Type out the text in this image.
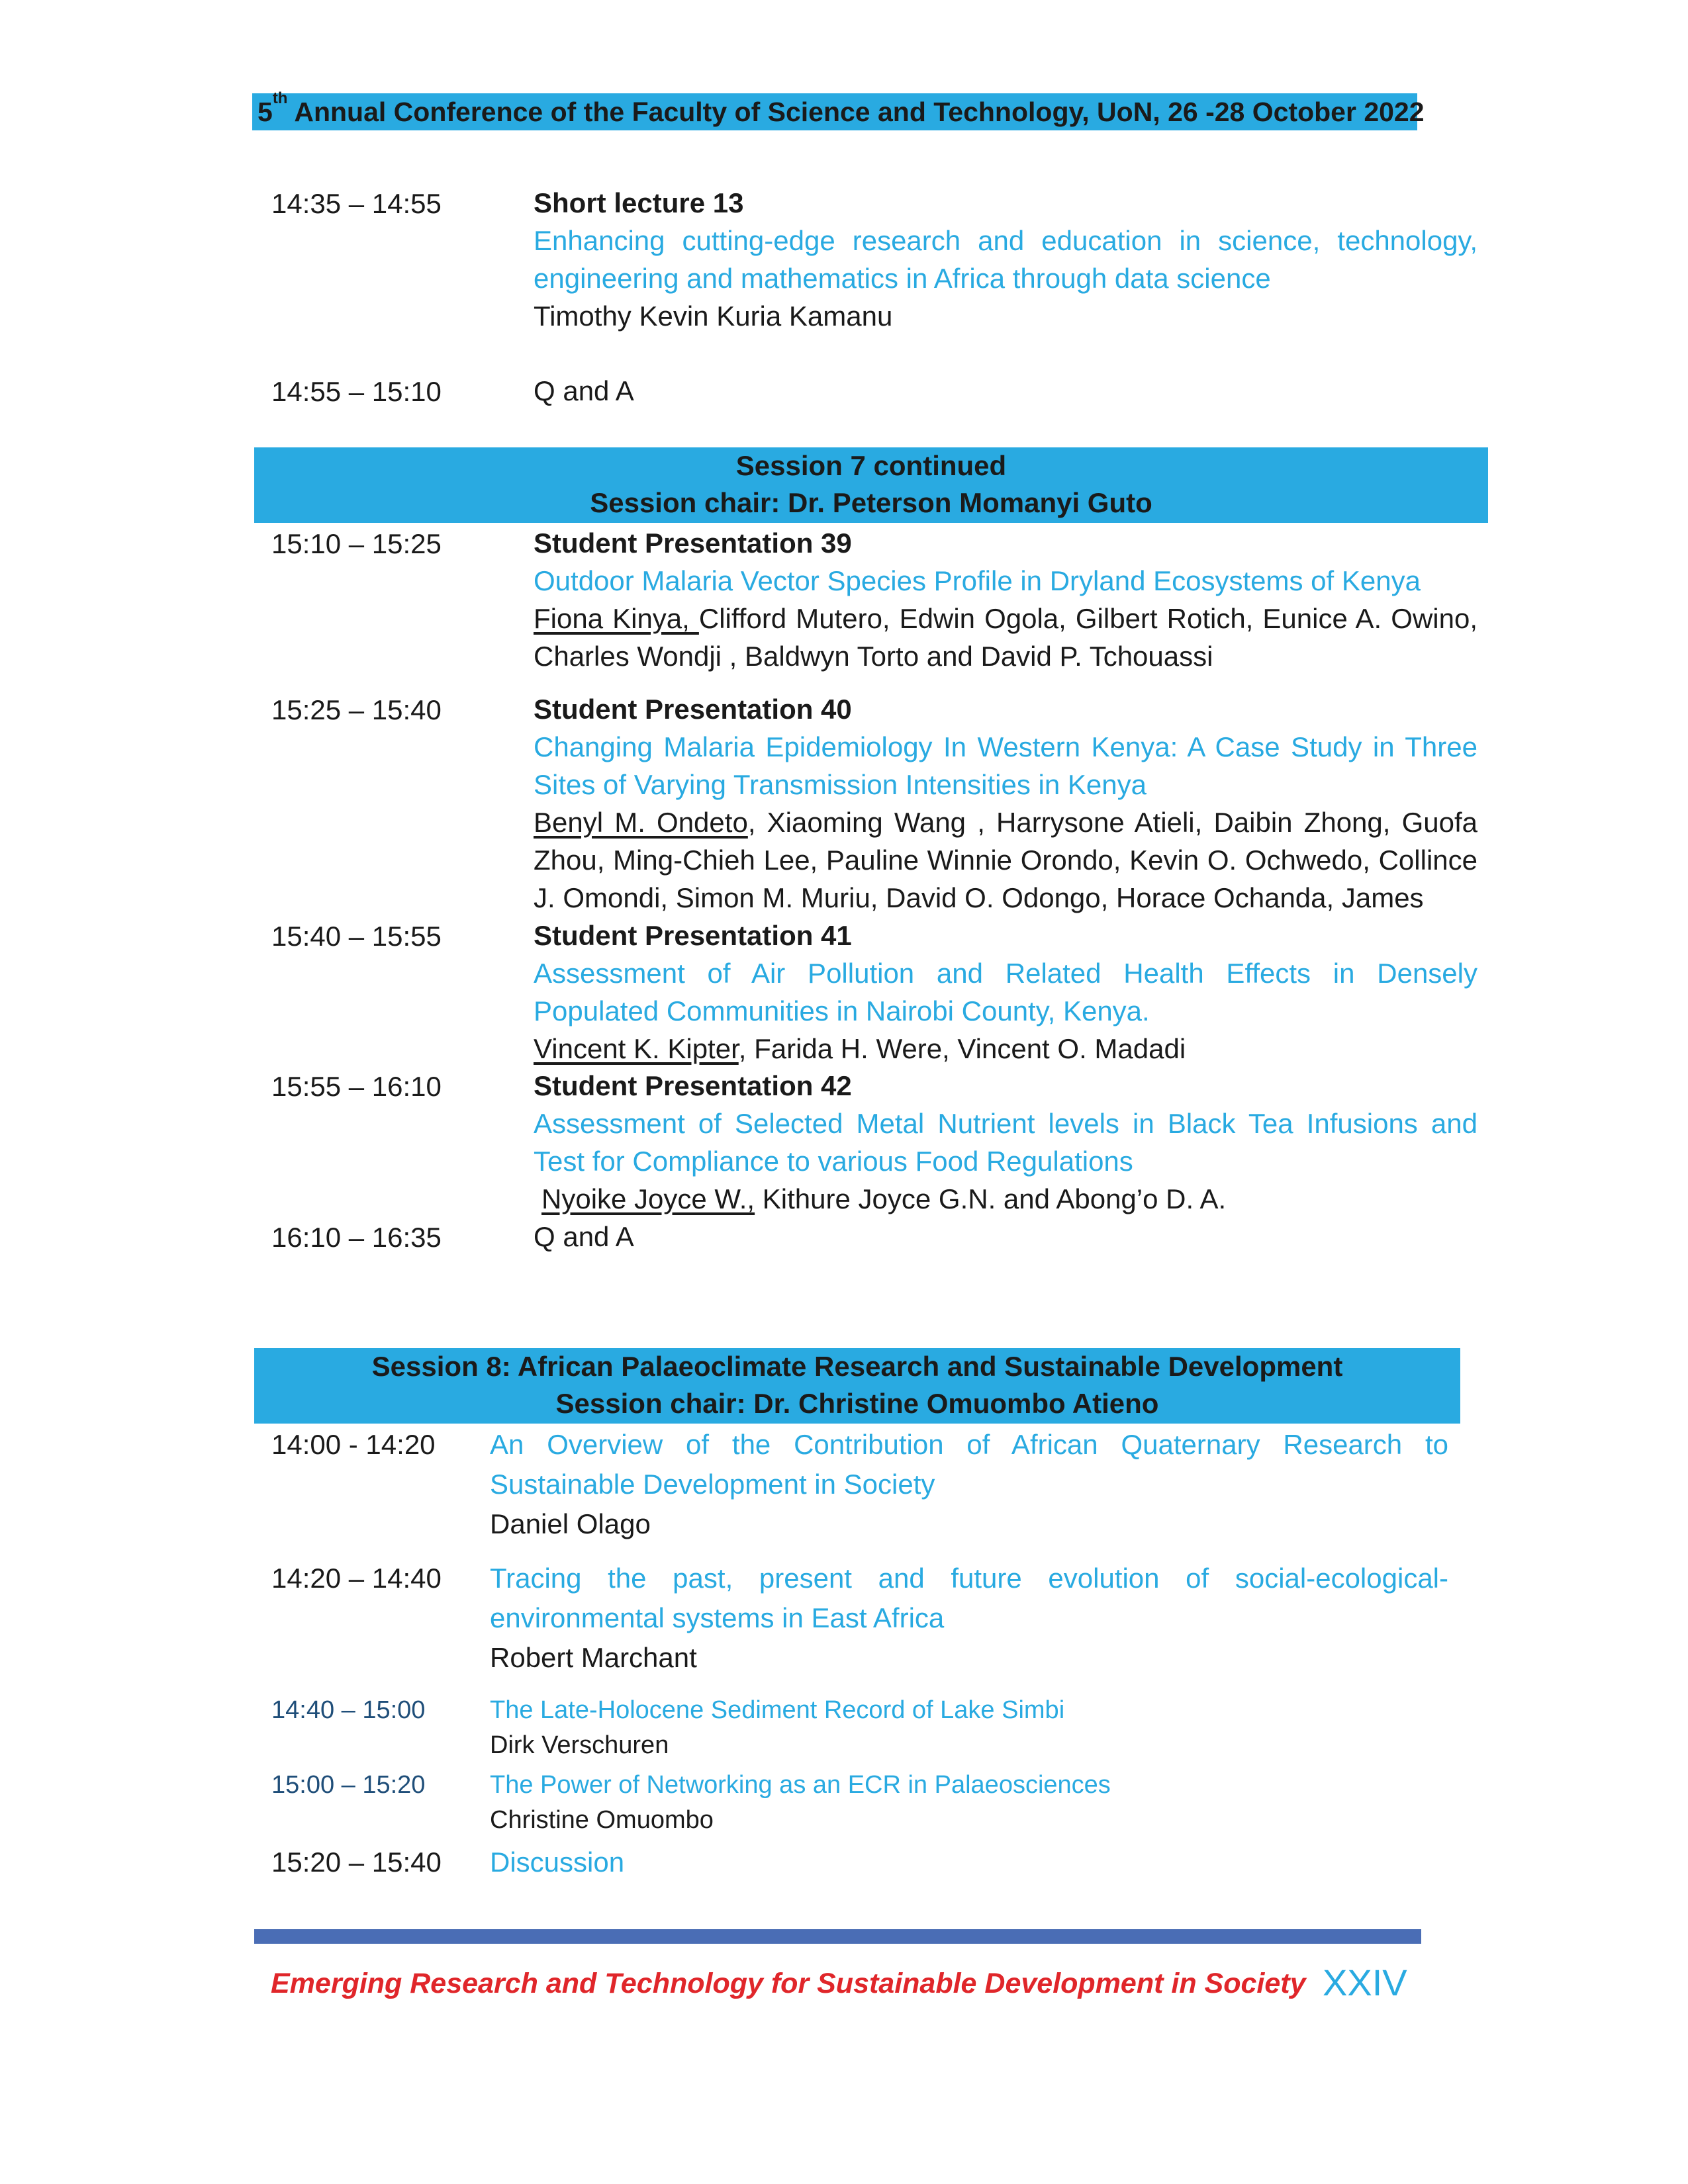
5th Annual Conference of the Faculty of Science and Technology, UoN, 26 -28 October 2022
14:35 – 14:55	Short lecture 13
Enhancing cutting-edge research and education in science, technology, engineering and mathematics in Africa through data science
Timothy Kevin Kuria Kamanu
14:55 – 15:10	Q and A
Session 7 continued
Session chair: Dr. Peterson Momanyi Guto
15:10 – 15:25	Student Presentation 39
Outdoor Malaria Vector Species Profile in Dryland Ecosystems of Kenya
Fiona Kinya, Clifford Mutero, Edwin Ogola, Gilbert Rotich, Eunice A. Owino, Charles Wondji , Baldwyn Torto and David P. Tchouassi
15:25 – 15:40	Student Presentation 40
Changing Malaria Epidemiology In Western Kenya: A Case Study in Three Sites of Varying Transmission Intensities in Kenya
Benyl M. Ondeto, Xiaoming Wang , Harrysone Atieli, Daibin Zhong, Guofa Zhou, Ming-Chieh Lee, Pauline Winnie Orondo, Kevin O. Ochwedo, Collince J. Omondi, Simon M. Muriu, David O. Odongo, Horace Ochanda, James
15:40 – 15:55	Student Presentation 41
Assessment of Air Pollution and Related Health Effects in Densely Populated Communities in Nairobi County, Kenya.
Vincent K. Kipter, Farida H. Were, Vincent O. Madadi
15:55 – 16:10	Student Presentation 42
Assessment of Selected Metal Nutrient levels in Black Tea Infusions and Test for Compliance to various Food Regulations
Nyoike Joyce W., Kithure Joyce G.N. and Abong’o D. A.
16:10 – 16:35	Q and A
Session 8: African Palaeoclimate Research and Sustainable Development
Session chair: Dr. Christine Omuombo Atieno
14:00 - 14:20 An Overview of the Contribution of African Quaternary Research to Sustainable Development in Society
Daniel Olago
14:20 – 14:40 Tracing the past, present and future evolution of social-ecological-environmental systems in East Africa
Robert Marchant
14:40 – 15:00	The Late-Holocene Sediment Record of Lake Simbi
Dirk Verschuren
15:00 – 15:20	The Power of Networking as an ECR in Palaeosciences
Christine Omuombo
15:20 – 15:40 Discussion
Emerging Research and Technology for Sustainable Development in Society XXIV
